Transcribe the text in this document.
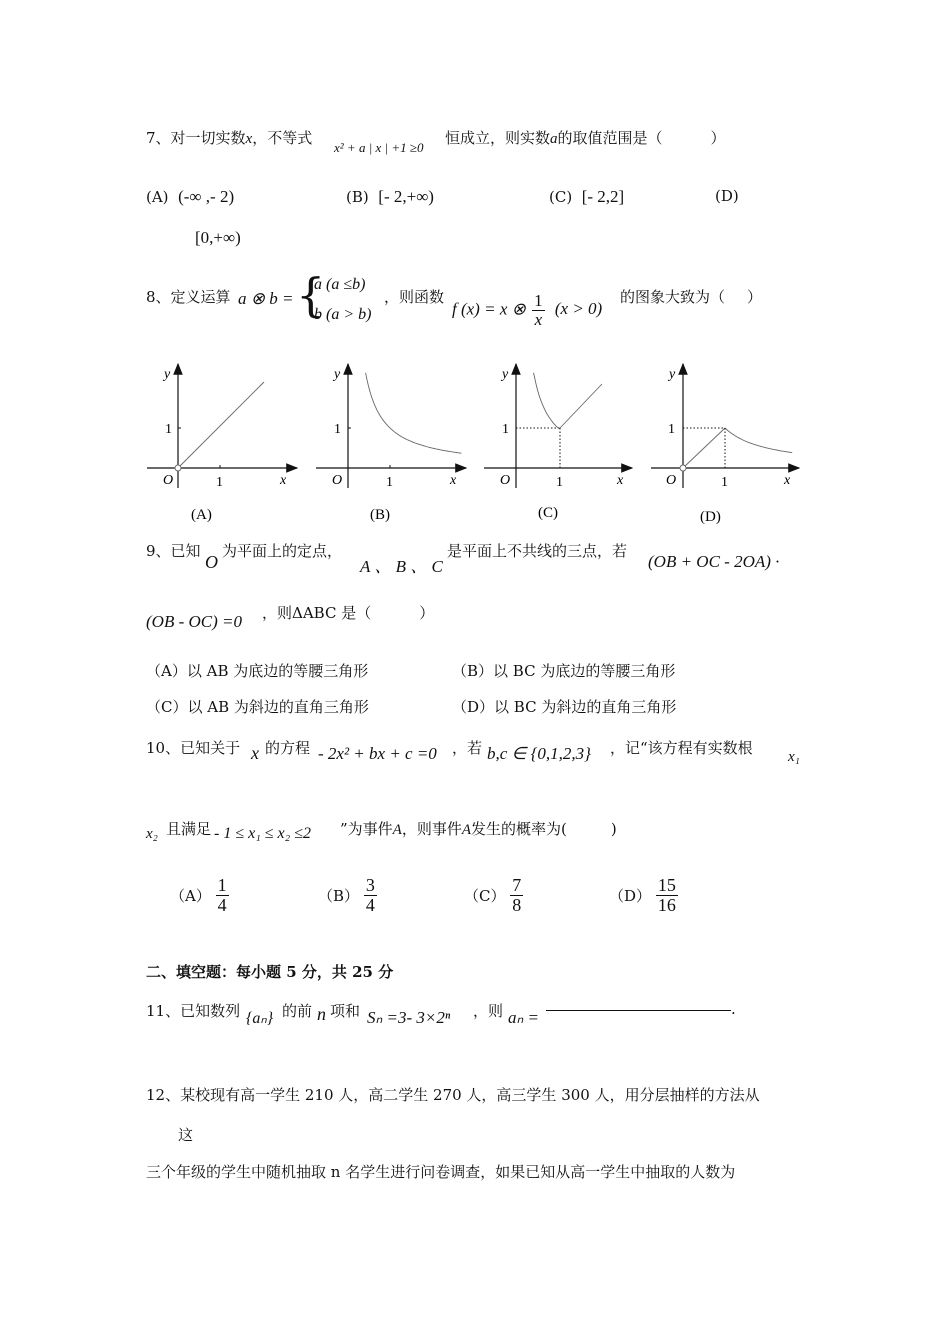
7、对一切实数x，不等式
x² + a | x | +1 ≥0
恒成立，则实数a的取值范围是（	）
(A) (-∞ ,- 2)	(B) [- 2,+∞)	(C) [- 2,2]	(D)
[0,+∞)
8、定义运算 a ⊗ b = {
a (a ≤b)
b (a > b)
，则函数
f (x) = x ⊗ $\frac{1}{x} (x > 0)$
的图象大致为（ ）
y
x
O	1
1
(A)
y
x
O	1
1
(B)
y
x
O	1
1
(C)
y
x
O	1
1
(D)
9、已知
O
为平面上的定点，
A 、 B 、 C
是平面上不共线的三点，若
(OB + OC - 2OA) ·
(OB - OC) =0 ，则ΔABC 是（	）
（A）以 AB 为底边的等腰三角形	（B）以 BC 为底边的等腰三角形
（C）以 AB 为斜边的直角三角形	（D）以 BC 为斜边的直角三角形
10、已知关于 x 的方程 - 2x² + bx + c =0 ，若 b,c ∈ {0,1,2,3} ，记“该方程有实数根 x₁
x₂ 且满足 - 1 ≤ x₁ ≤ x₂ ≤2 ”为事件A，则事件A发生的概率为(	)
$(A) \frac{1}{4}$	$(B) \frac{3}{4}$	$(C) \frac{7}{8}$	$(D) \frac{15}{16}$
二、填空题：每小题 5 分，共 25 分
11、已知数列 {aₙ} 的前 n 项和 Sₙ =3- 3×2ⁿ ，则 aₙ =	.
12、某校现有高一学生 210 人，高二学生 270 人，高三学生 300 人，用分层抽样的方法从
这
三个年级的学生中随机抽取 n 名学生进行问卷调查，如果已知从高一学生中抽取的人数为
